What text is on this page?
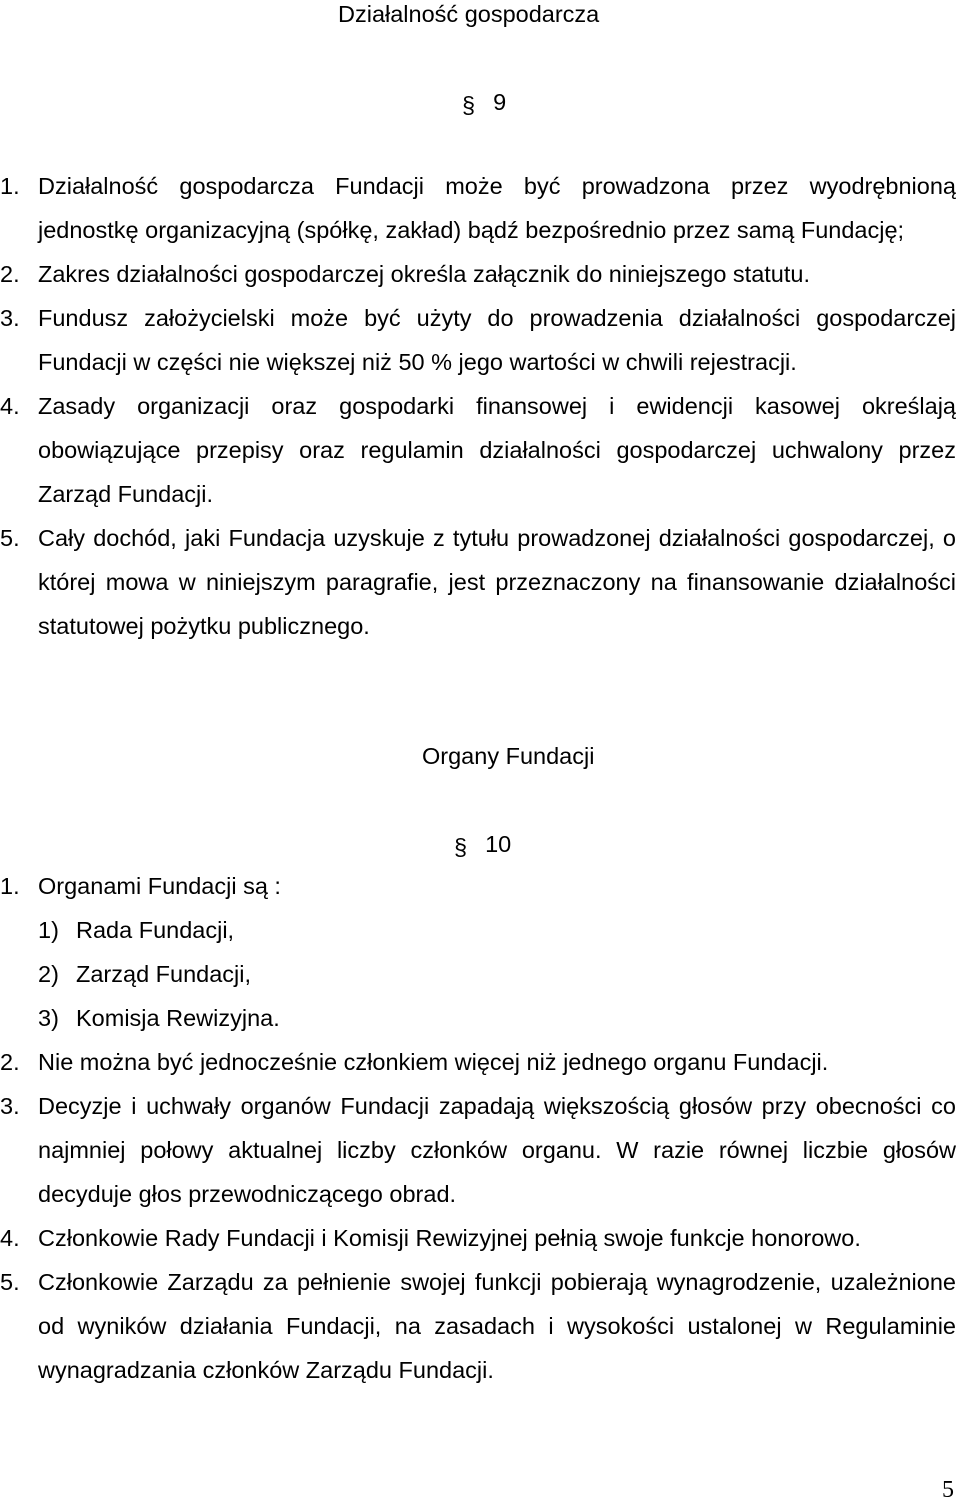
Działalność gospodarcza
§ 9
1. Działalność gospodarcza Fundacji może być prowadzona przez wyodrębnioną jednostkę organizacyjną (spółkę, zakład) bądź bezpośrednio przez samą Fundację;
2. Zakres działalności gospodarczej określa załącznik do niniejszego statutu.
3. Fundusz założycielski może być użyty do prowadzenia działalności gospodarczej Fundacji w części nie większej niż 50 % jego wartości w chwili rejestracji.
4. Zasady organizacji oraz gospodarki finansowej i ewidencji kasowej określają obowiązujące przepisy oraz regulamin działalności gospodarczej uchwalony przez Zarząd Fundacji.
5. Cały dochód, jaki Fundacja uzyskuje z tytułu prowadzonej działalności gospodarczej, o której mowa w niniejszym paragrafie, jest przeznaczony na finansowanie działalności statutowej pożytku publicznego.
Organy Fundacji
§ 10
1. Organami Fundacji są :
1) Rada Fundacji,
2) Zarząd Fundacji,
3) Komisja Rewizyjna.
2. Nie można być jednocześnie członkiem więcej niż jednego organu Fundacji.
3. Decyzje i uchwały organów Fundacji zapadają większością głosów przy obecności co najmniej połowy aktualnej liczby członków organu. W razie równej liczbie głosów decyduje głos przewodniczącego obrad.
4. Członkowie Rady Fundacji i Komisji Rewizyjnej pełnią swoje funkcje honorowo.
5. Członkowie Zarządu za pełnienie swojej funkcji pobierają wynagrodzenie, uzależnione od wyników działania Fundacji, na zasadach i wysokości ustalonej w Regulaminie wynagradzania członków Zarządu Fundacji.
5
